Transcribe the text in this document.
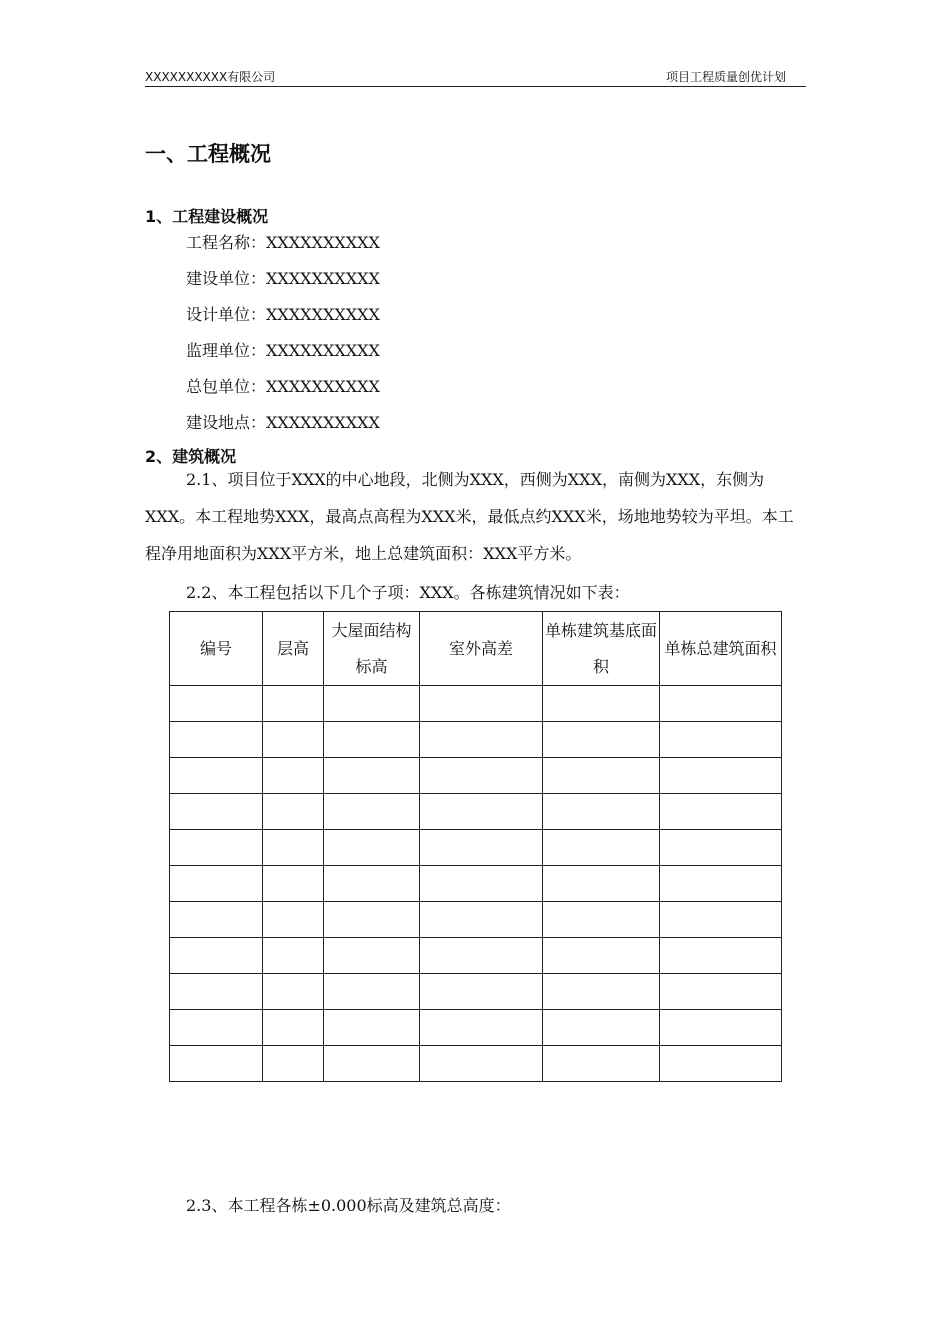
XXXXXXXXXX有限公司	项目工程质量创优计划
一、工程概况
1、工程建设概况
工程名称：XXXXXXXXXX
建设单位：XXXXXXXXXX
设计单位：XXXXXXXXXX
监理单位：XXXXXXXXXX
总包单位：XXXXXXXXXX
建设地点：XXXXXXXXXX
2、建筑概况
2.1、项目位于XXX的中心地段，北侧为XXX，西侧为XXX，南侧为XXX，东侧为XXX。本工程地势XXX，最高点高程为XXX米，最低点约XXX米，场地地势较为平坦。本工程净用地面积为XXX平方米，地上总建筑面积：XXX平方米。
2.2、本工程包括以下几个子项：XXX。各栋建筑情况如下表：
编号	层高	大屋面结构标高	室外高差	单栋建筑基底面积	单栋总建筑面积

2.3、本工程各栋±0.000标高及建筑总高度：
